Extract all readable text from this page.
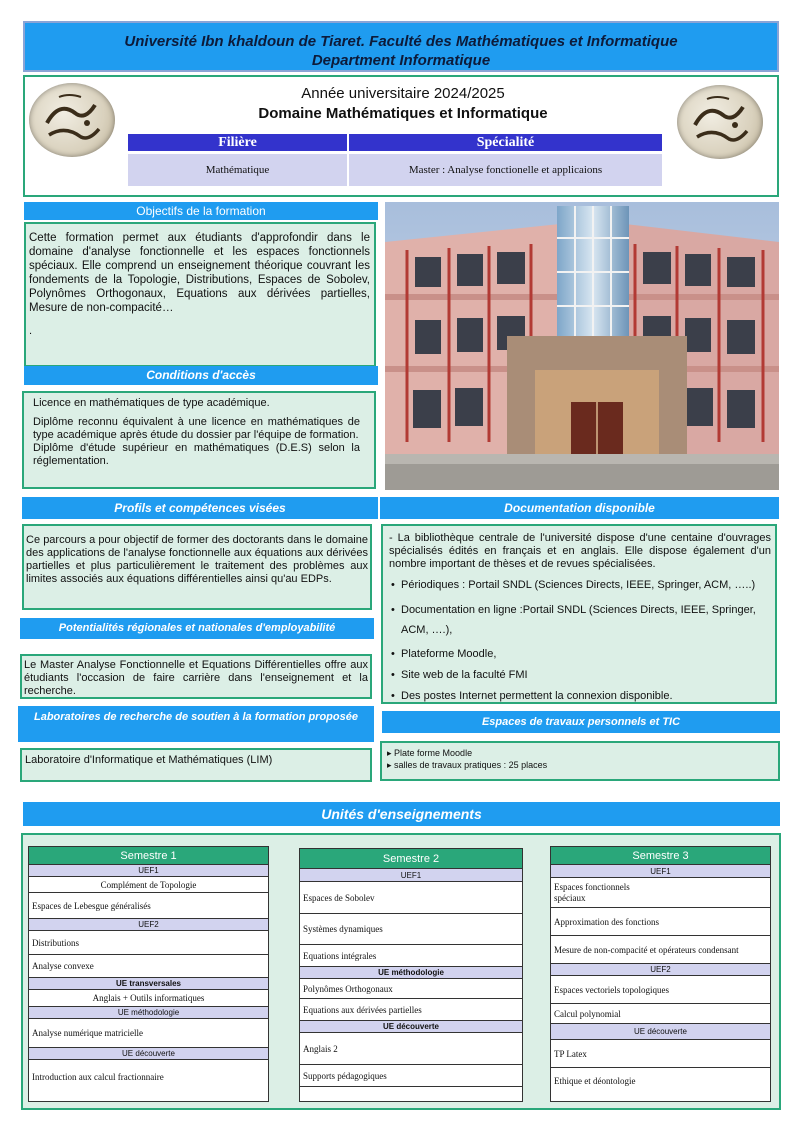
Université Ibn khaldoun de Tiaret. Faculté des Mathématiques et Informatique
Department Informatique
Année universitaire 2024/2025
Domaine Mathématiques et Informatique
Filière	Spécialité
Mathématique	Master : Analyse fonctionelle et applicaions
Objectifs de la formation
Cette formation permet aux étudiants d'approfondir dans le domaine d'analyse fonctionnelle et les espaces fonctionnels spéciaux. Elle comprend un enseignement théorique couvrant les fondements de la Topologie, Distributions, Espaces de Sobolev, Polynômes Orthogonaux, Equations aux dérivées partielles, Mesure de non-compacité…
.
Conditions d'accès
Licence en mathématiques de type académique.
Diplôme reconnu équivalent à une licence en mathématiques de type académique après étude du dossier par l'équipe de formation.
Diplôme d'étude supérieur en mathématiques (D.E.S) selon la réglementation.
Profils et compétences visées
Ce parcours a pour objectif de former des doctorants dans le domaine des applications de l'analyse fonctionnelle aux équations aux dérivées partielles et plus particulièrement le traitement des problèmes aux limites associés aux équations différentielles ainsi qu'au EDPs.
Potentialités régionales et nationales d'employabilité
Le Master Analyse Fonctionnelle et Equations Différentielles offre aux étudiants l'occasion de faire carrière dans l'enseignement et la recherche.
Laboratoires de recherche de soutien à la formation proposée
Laboratoire d'Informatique et Mathématiques (LIM)
Documentation disponible
- La bibliothèque centrale de l'université dispose d'une centaine d'ouvrages spécialisés édités en français et en anglais. Elle dispose également d'un nombre important de thèses et de revues spécialisées.
• Périodiques : Portail SNDL (Sciences Directs, IEEE, Springer, ACM, …..)
• Documentation en ligne :Portail SNDL (Sciences Directs, IEEE, Springer, ACM, ….),
• Plateforme Moodle,
• Site web de la faculté FMI
• Des postes Internet permettent la connexion disponible.
Espaces de travaux personnels et TIC
▸ Plate forme Moodle
▸ salles de travaux pratiques : 25 places
Unités d'enseignements
Semestre 1
UEF1
Complément de Topologie
Espaces de Lebesgue généralisés
UEF2
Distributions
Analyse convexe
UE transversales
Anglais + Outils informatiques
UE méthodologie
Analyse numérique matricielle
UE découverte
Introduction aux calcul fractionnaire
Semestre 2
UEF1
Espaces de Sobolev
Systèmes dynamiques
Equations intégrales
UE méthodologie
Polynômes Orthogonaux
Equations aux dérivées partielles
UE découverte
Anglais 2
Supports pédagogiques
Semestre 3
UEF1
Espaces fonctionnels
spéciaux
Approximation des fonctions
Mesure de non-compacité et opérateurs condensant
UEF2
Espaces vectoriels topologiques
Calcul polynomial
UE découverte
TP Latex
Ethique et déontologie
